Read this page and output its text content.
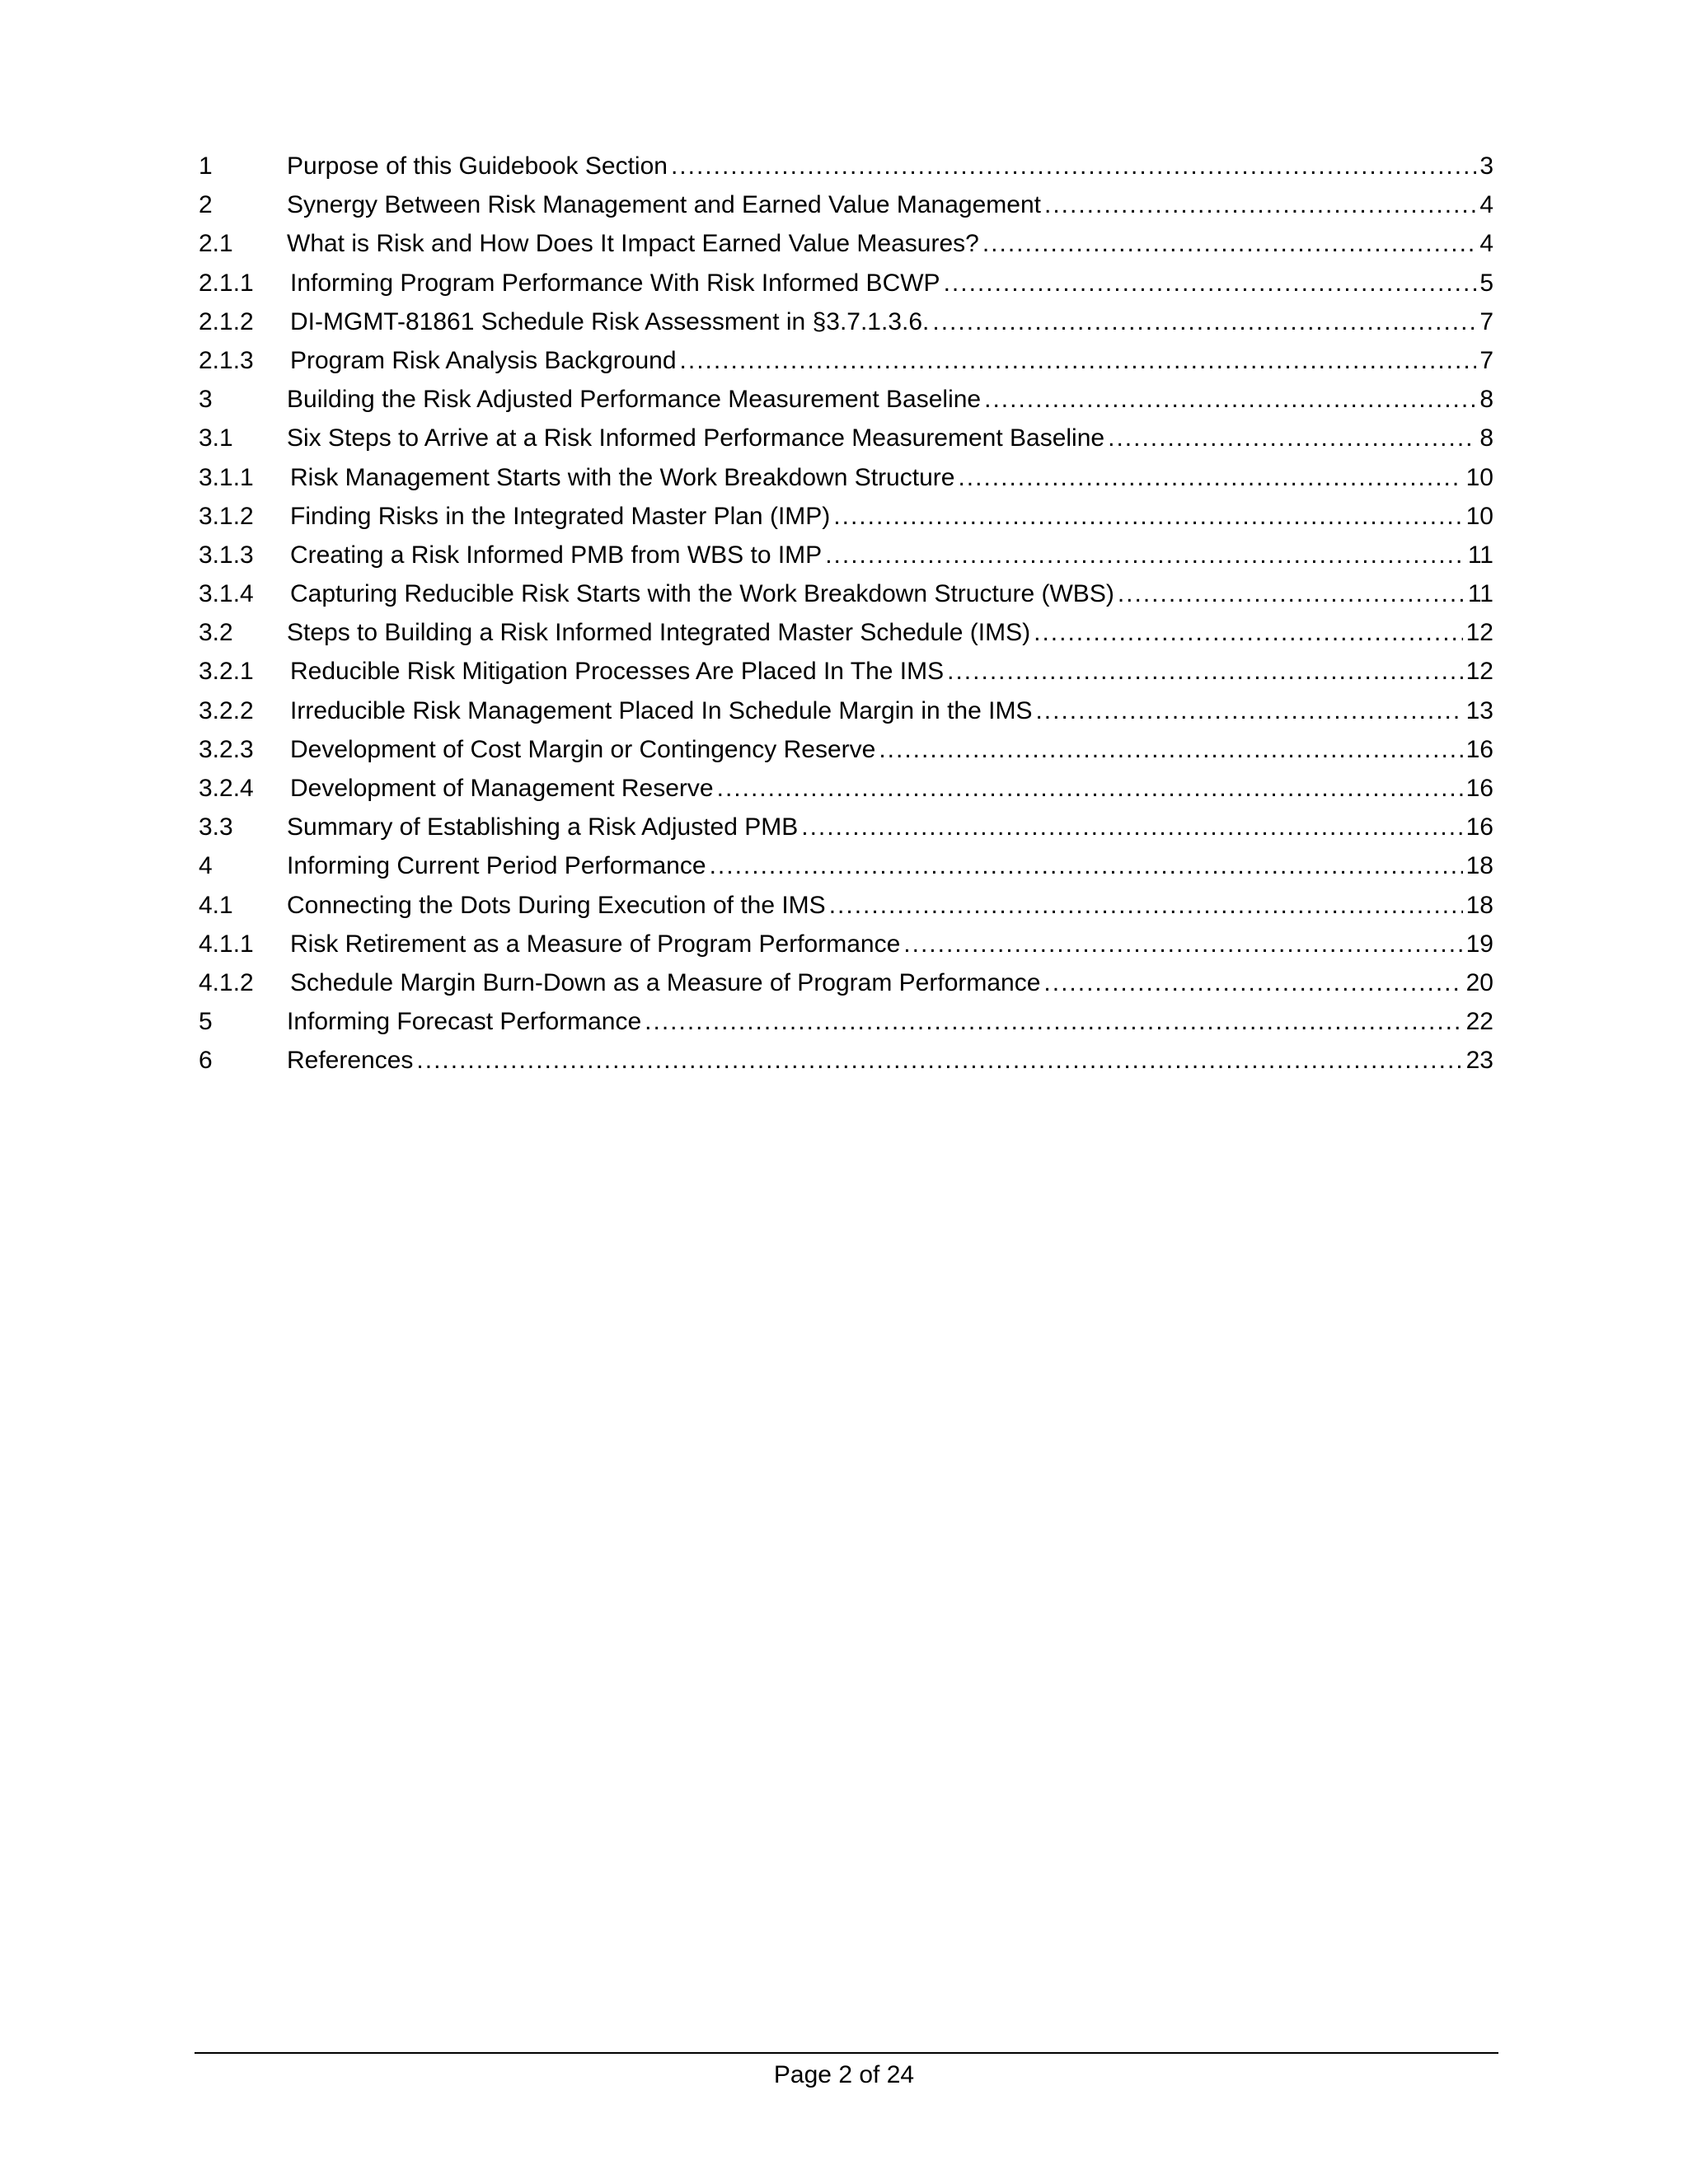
1	Purpose of this Guidebook Section .....	3
2	Synergy Between Risk Management and Earned Value Management .....	4
2.1	What is Risk and How Does It Impact Earned Value Measures? .....	4
2.1.1	Informing Program Performance With Risk Informed BCWP .....	5
2.1.2	DI-MGMT-81861 Schedule Risk Assessment in §3.7.1.3.6. .....	7
2.1.3	Program Risk Analysis Background .....	7
3	Building the Risk Adjusted Performance Measurement Baseline .....	8
3.1	Six Steps to Arrive at a Risk Informed Performance Measurement Baseline .....	8
3.1.1	Risk Management Starts with the Work Breakdown Structure .....	10
3.1.2	Finding Risks in the Integrated Master Plan (IMP) .....	10
3.1.3	Creating a Risk Informed PMB from WBS to IMP .....	11
3.1.4	Capturing Reducible Risk Starts with the Work Breakdown Structure (WBS) .....	11
3.2	Steps to Building a Risk Informed Integrated Master Schedule (IMS) .....	12
3.2.1	Reducible Risk Mitigation Processes Are Placed In The IMS .....	12
3.2.2	Irreducible Risk Management Placed In Schedule Margin in the IMS .....	13
3.2.3	Development of Cost Margin or Contingency Reserve .....	16
3.2.4	Development of Management Reserve .....	16
3.3	Summary of Establishing a Risk Adjusted PMB .....	16
4	Informing Current Period Performance .....	18
4.1	Connecting the Dots During Execution of the IMS .....	18
4.1.1	Risk Retirement as a Measure of Program Performance .....	19
4.1.2	Schedule Margin Burn-Down as a Measure of Program Performance .....	20
5	Informing Forecast Performance .....	22
6	References .....	23
Page 2 of 24
